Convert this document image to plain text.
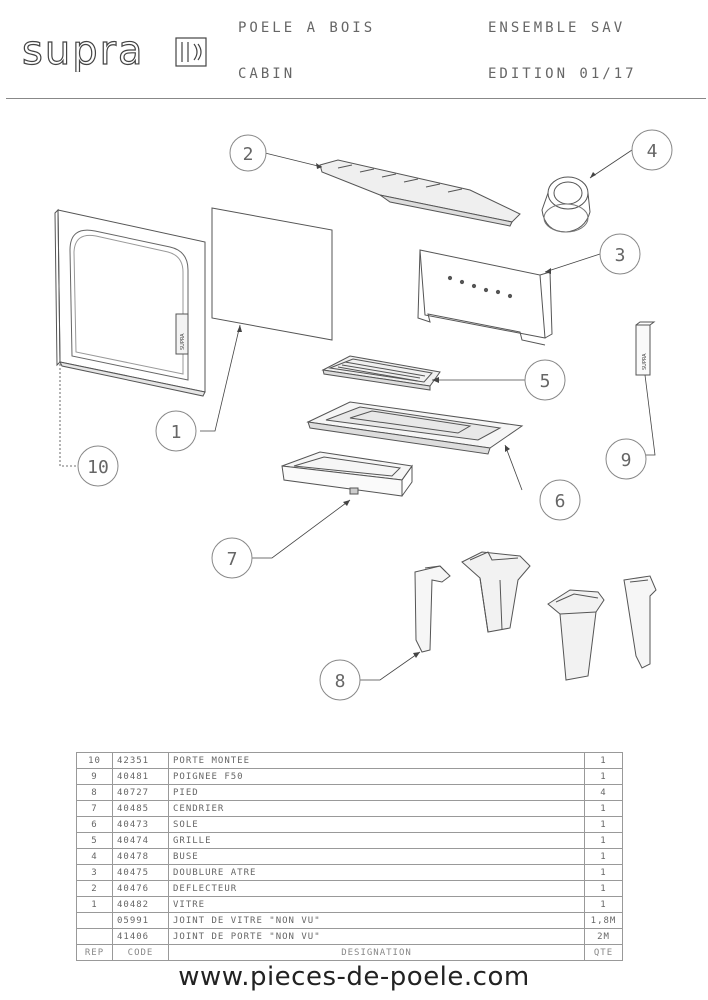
supra	POELE A BOIS
CABIN
ENSEMBLE SAV
EDITION 01/17
SUPRA
SUPRA
1
2
3
4
5
6
7
8
9
10
10	42351	PORTE MONTEE	1
9	40481	POIGNEE F50	1
8	40727	PIED	4
7	40485	CENDRIER	1
6	40473	SOLE	1
5	40474	GRILLE	1
4	40478	BUSE	1
3	40475	DOUBLURE ATRE	1
2	40476	DEFLECTEUR	1
1	40482	VITRE	1
	05991	JOINT DE VITRE "NON VU"	1,8M
	41406	JOINT DE PORTE "NON VU"	2M
REP	CODE	DESIGNATION	QTE
www.pieces-de-poele.com
